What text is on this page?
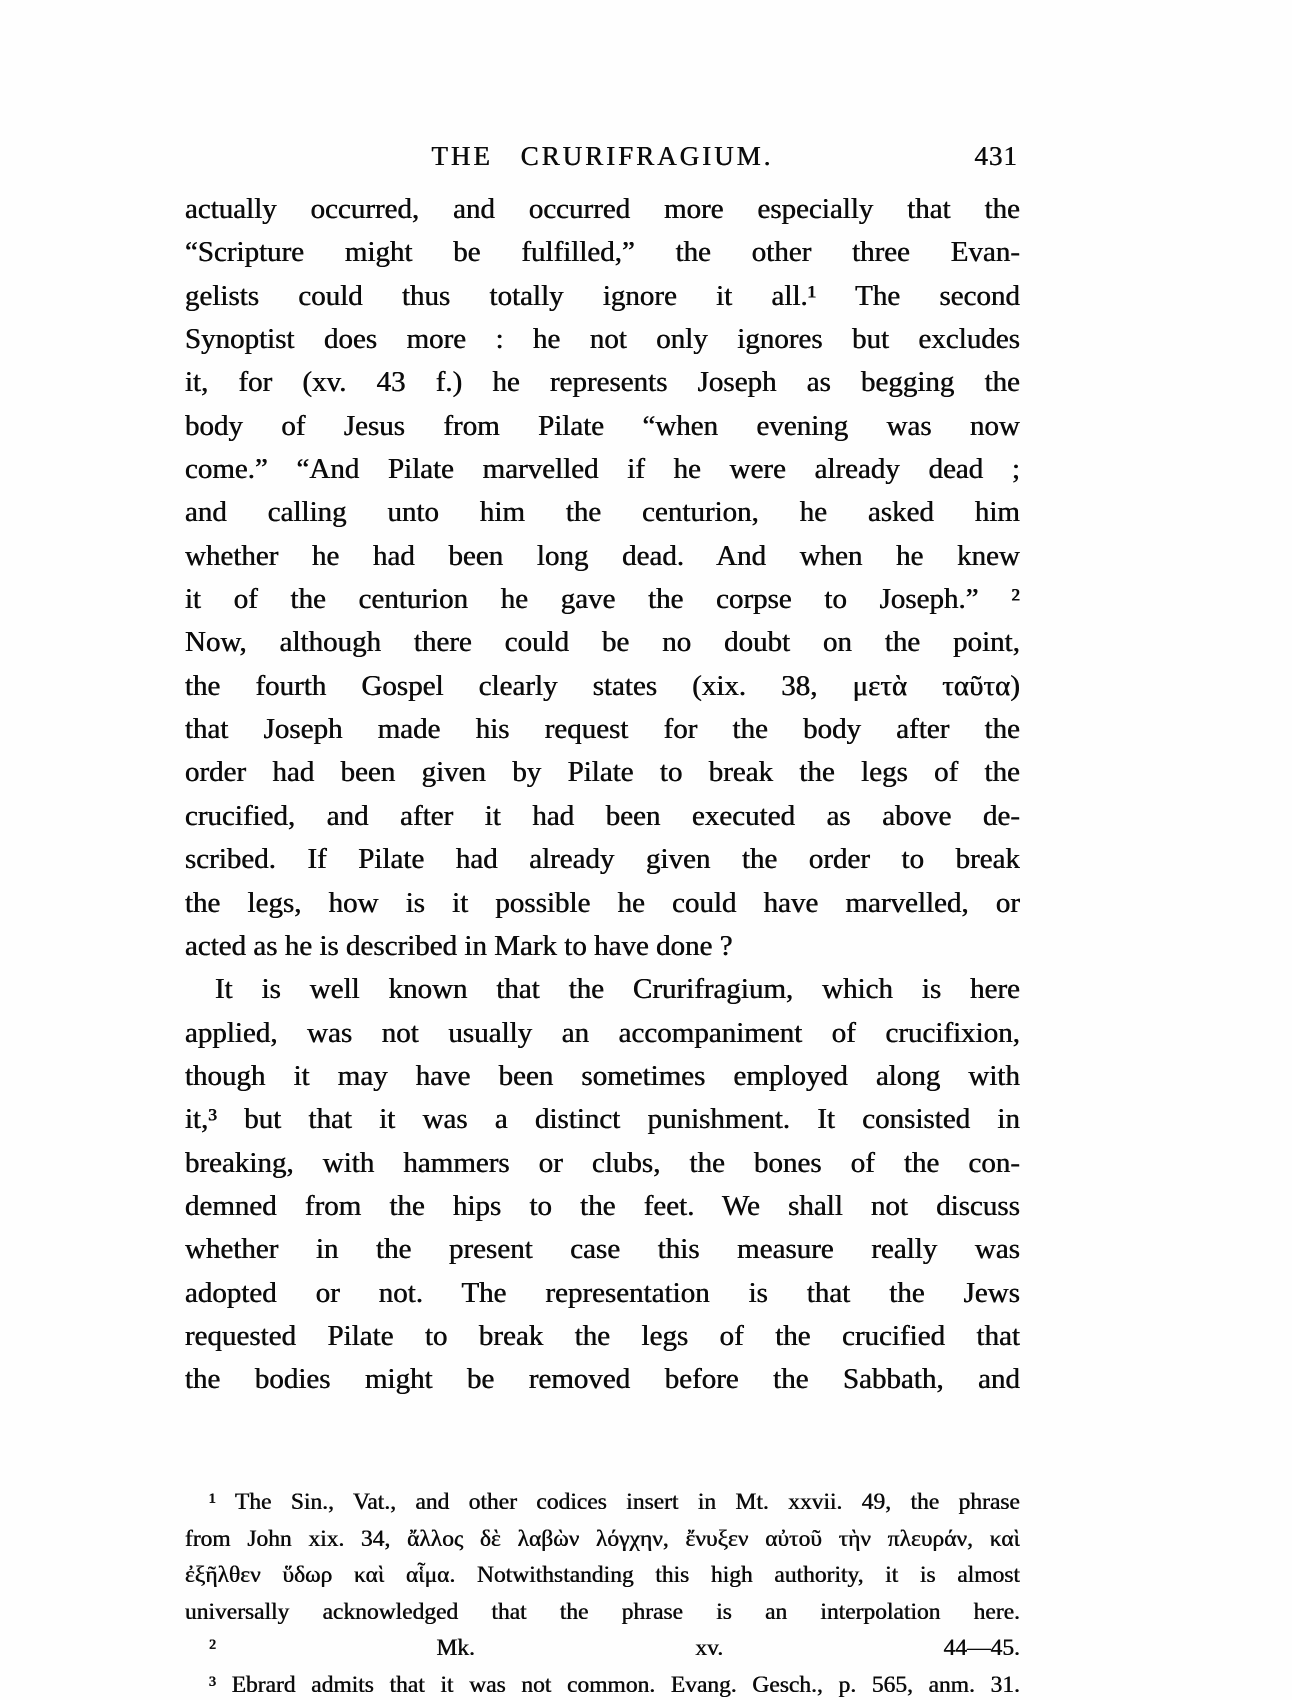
THE CRURIFRAGIUM.	431
actually occurred, and occurred more especially that the
“Scripture might be fulfilled,” the other three Evan-
gelists could thus totally ignore it all.¹ The second
Synoptist does more : he not only ignores but excludes
it, for (xv. 43 f.) he represents Joseph as begging the
body of Jesus from Pilate “when evening was now
come.” “And Pilate marvelled if he were already dead ;
and calling unto him the centurion, he asked him
whether he had been long dead. And when he knew
it of the centurion he gave the corpse to Joseph.” ²
Now, although there could be no doubt on the point,
the fourth Gospel clearly states (xix. 38, μετὰ ταῦτα)
that Joseph made his request for the body after the
order had been given by Pilate to break the legs of the
crucified, and after it had been executed as above de-
scribed. If Pilate had already given the order to break
the legs, how is it possible he could have marvelled, or
acted as he is described in Mark to have done ?
It is well known that the Crurifragium, which is here
applied, was not usually an accompaniment of crucifixion,
though it may have been sometimes employed along with
it,³ but that it was a distinct punishment. It consisted in
breaking, with hammers or clubs, the bones of the con-
demned from the hips to the feet. We shall not discuss
whether in the present case this measure really was
adopted or not. The representation is that the Jews
requested Pilate to break the legs of the crucified that
the bodies might be removed before the Sabbath, and
¹ The Sin., Vat., and other codices insert in Mt. xxvii. 49, the phrase
from John xix. 34, ἄλλος δὲ λαβὼν λόγχην, ἔνυξεν αὐτοῦ τὴν πλευράν, καὶ
ἐξῆλθεν ὕδωρ καὶ αἷμα. Notwithstanding this high authority, it is almost
universally acknowledged that the phrase is an interpolation here.
² Mk. xv. 44—45.
³ Ebrard admits that it was not common. Evang. Gesch., p. 565, anm. 31.
